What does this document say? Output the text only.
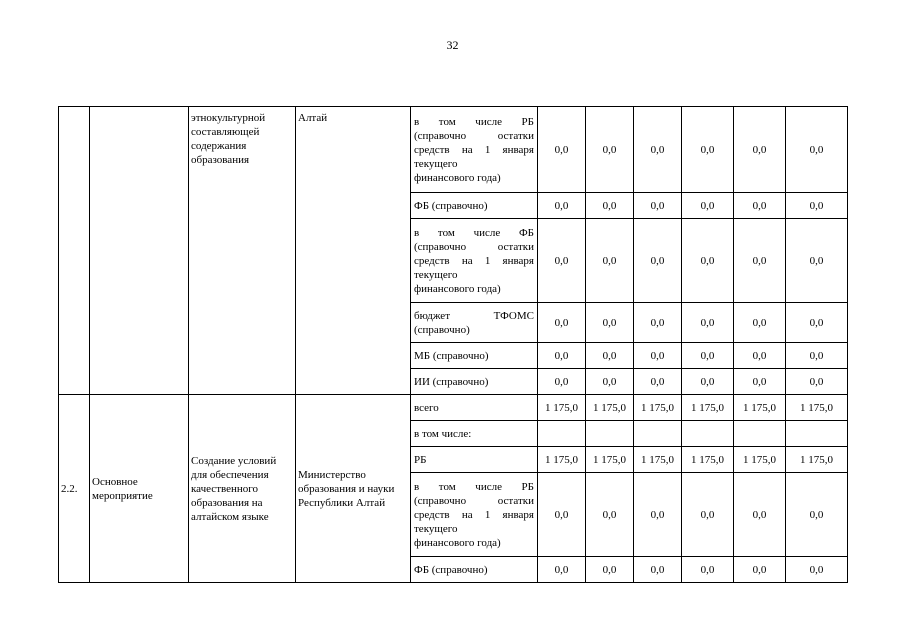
32
		этнокультурной составляющей содержания образования	Алтай	в том числе РБ
(справочно остатки
средств на 1 января
текущего
финансового года)	0,0	0,0	0,0	0,0	0,0	0,0

				ФБ (справочно)	0,0	0,0	0,0	0,0	0,0	0,0

				в том числе ФБ
(справочно остатки
средств на 1 января
текущего
финансового года)	0,0	0,0	0,0	0,0	0,0	0,0

				бюджет ТФОМС
(справочно)	0,0	0,0	0,0	0,0	0,0	0,0

				МБ (справочно)	0,0	0,0	0,0	0,0	0,0	0,0

				ИИ (справочно)	0,0	0,0	0,0	0,0	0,0	0,0
2.2.	Основное мероприятие	Создание условий для обеспечения качественного образования на алтайском языке	Министерство образования и науки Республики Алтай	всего	1 175,0	1 175,0	1 175,0	1 175,0	1 175,0	1 175,0

				в том числе:						

				РБ	1 175,0	1 175,0	1 175,0	1 175,0	1 175,0	1 175,0

				в том числе РБ
(справочно остатки
средств на 1 января
текущего
финансового года)	0,0	0,0	0,0	0,0	0,0	0,0

				ФБ (справочно)	0,0	0,0	0,0	0,0	0,0	0,0
